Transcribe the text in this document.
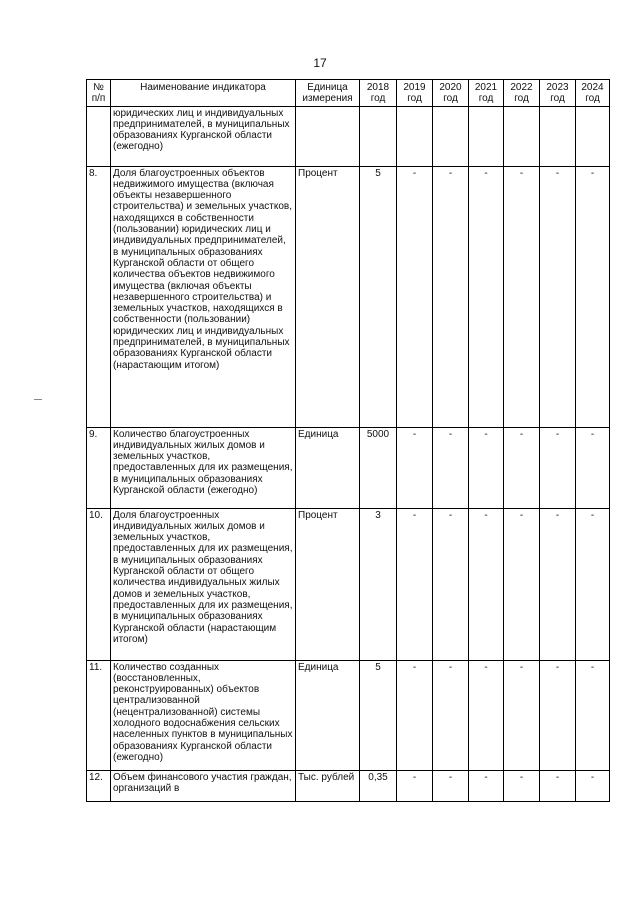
17
№ п/п	Наименование индикатора	Единица измерения	2018 год	2019 год	2020 год	2021 год	2022 год	2023 год	2024 год
	юридических лиц и индивидуальных предпринимателей, в муниципальных образованиях Курганской области (ежегодно)								
8.	Доля благоустроенных объектов недвижимого имущества (включая объекты незавершенного строительства) и земельных участков, находящихся в собственности (пользовании) юридических лиц и индивидуальных предпринимателей, в муниципальных образованиях Курганской области от общего количества объектов недвижимого имущества (включая объекты незавершенного строительства) и земельных участков, находящихся в собственности (пользовании) юридических лиц и индивидуальных предпринимателей, в муниципальных образованиях Курганской области (нарастающим итогом)	Процент	5	-	-	-	-	-	-
9.	Количество благоустроенных индивидуальных жилых домов и земельных участков, предоставленных для их размещения, в муниципальных образованиях Курганской области (ежегодно)	Единица	5000	-	-	-	-	-	-
10.	Доля благоустроенных индивидуальных жилых домов и земельных участков, предоставленных для их размещения, в муниципальных образованиях Курганской области от общего количества индивидуальных жилых домов и земельных участков, предоставленных для их размещения, в муниципальных образованиях Курганской области (нарастающим итогом)	Процент	3	-	-	-	-	-	-
11.	Количество созданных (восстановленных, реконструированных) объектов централизованной (нецентрализованной) системы холодного водоснабжения сельских населенных пунктов в муниципальных образованиях Курганской области (ежегодно)	Единица	5	-	-	-	-	-	-
12.	Объем финансового участия граждан, организаций в	Тыс. рублей	0,35	-	-	-	-	-	-
